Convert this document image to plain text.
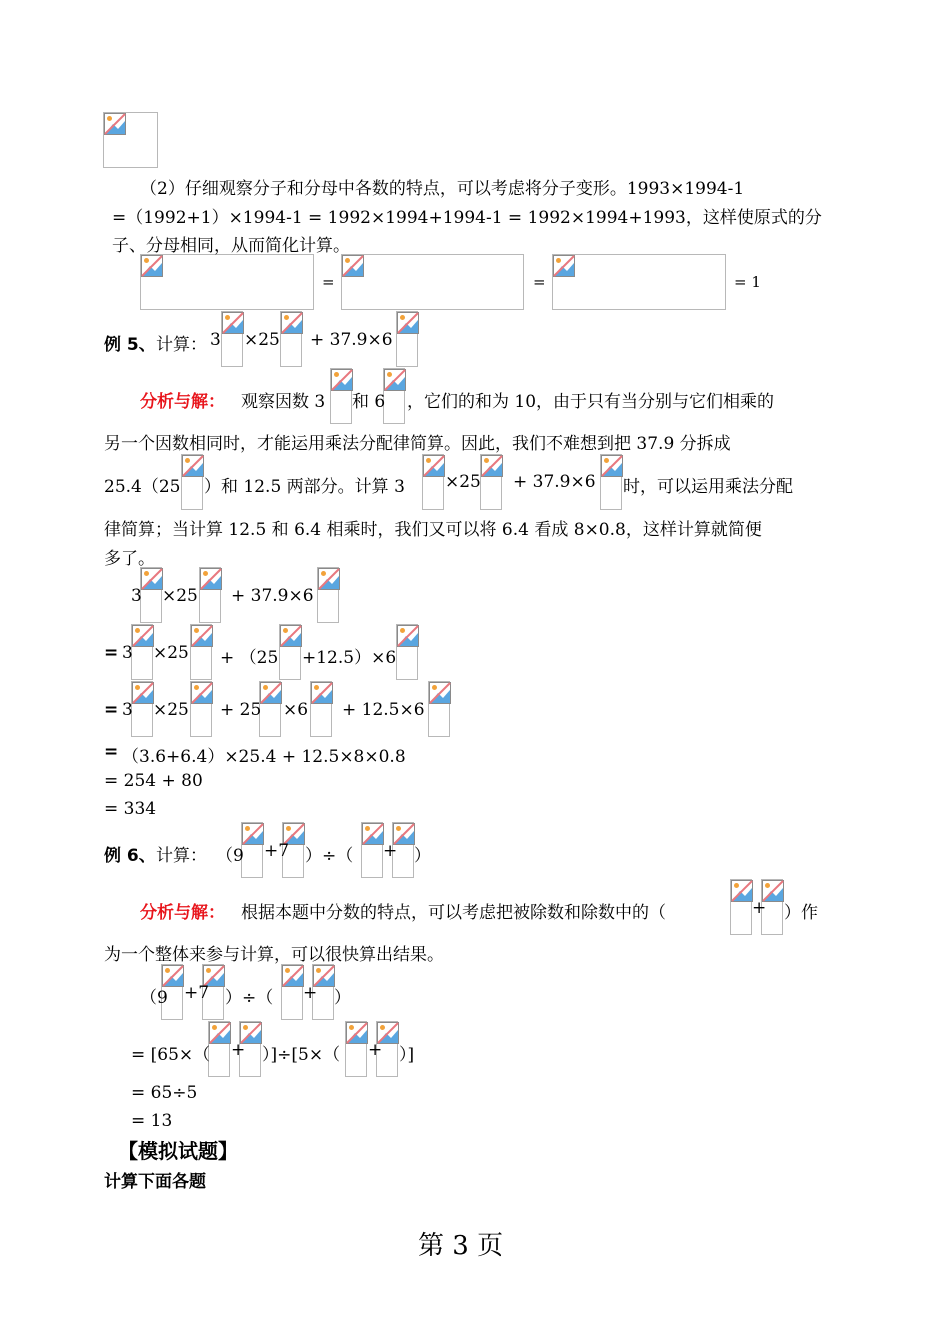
（2）仔细观察分子和分母中各数的特点，可以考虑将分子变形。1993×1994-1
=（1992+1）×1994-1 = 1992×1994+1994-1 = 1992×1994+1993，这样使原式的分
子、分母相同，从而简化计算。
=	=	= 1
例 5、 计算： 3 ×25 + 37.9×6
分析与解： 观察因数 3 和 6 ，它们的和为 10，由于只有当分别与它们相乘的
另一个因数相同时，才能运用乘法分配律简算。因此，我们不难想到把 37.9 分拆成
25.4（25 ）和 12.5 两部分。计算 3 ×25 + 37.9×6 时，可以运用乘法分配
律简算；当计算 12.5 和 6.4 相乘时，我们又可以将 6.4 看成 8×0.8，这样计算就简便
多了。
3 ×25 + 37.9×6
= 3 ×25 + （25 +12.5）×6
= 3 ×25 + 25 ×6 + 12.5×6
= （3.6+6.4）×25.4 + 12.5×8×0.8
= 254 + 80
= 334
例 6、 计算： （9 +7 ）÷（ + ）
分析与解： 根据本题中分数的特点，可以考虑把被除数和除数中的（	+ ）作
为一个整体来参与计算，可以很快算出结果。
（9 +7 ）÷（ + ）
= [65×（ + ）]÷[5×（ + ）]
= 65÷5
= 13
【模拟试题】
计算下面各题
第 3 页
